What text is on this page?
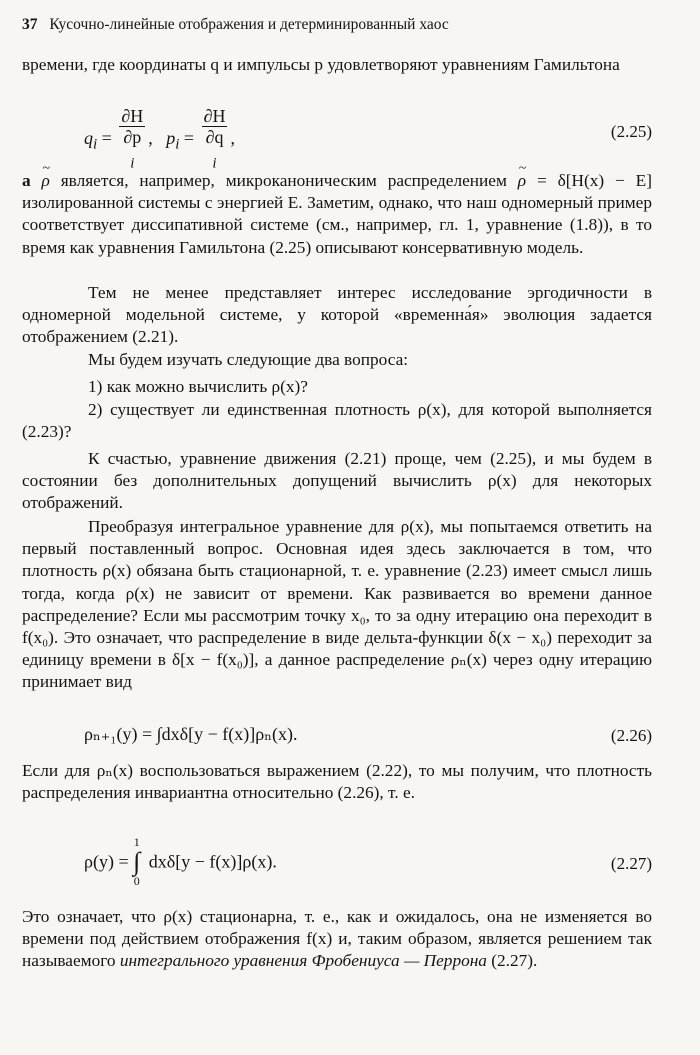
37 Кусочно-линейные отображения и детерминированный хаос

времени, где координаты q и импульсы p удовлетворяют уравнениям Гамильтона

$q_i = \partial H$
∂p
$_i$ ,   $p_i = \partial H$
∂q
$_i$ ,	(2.25)

а ~ ρ является, например, микроканоническим распределением ~ ρ = δ[H(x) − E] изолированной системы с энергией E. Заметим, однако, что наш одномерный пример соответствует диссипативной системе (см., например, гл. 1, уравнение (1.8)), в то время как уравнения Гамильтона (2.25) описывают консервативную модель.

Тем не менее представляет интерес исследование эргодичности в одномерной модельной системе, у которой «временна́я» эволюция задается отображением (2.21).

Мы будем изучать следующие два вопроса:

1) как можно вычислить ρ(x)?

2) существует ли единственная плотность ρ(x), для которой выполняется (2.23)?

К счастью, уравнение движения (2.21) проще, чем (2.25), и мы будем в состоянии без дополнительных допущений вычислить ρ(x) для некоторых отображений.

Преобразуя интегральное уравнение для ρ(x), мы попытаемся ответить на первый поставленный вопрос. Основная идея здесь заключается в том, что плотность ρ(x) обязана быть стационарной, т. е. уравнение (2.23) имеет смысл лишь тогда, когда ρ(x) не зависит от времени. Как развивается во времени данное распределение? Если мы рассмотрим точку x₀, то за одну итерацию она переходит в f(x₀). Это означает, что распределение в виде дельта-функции δ(x − x₀) переходит за единицу времени в δ[x − f(x₀)], а данное распределение ρₙ(x) через одну итерацию принимает вид

ρₙ₊₁(y) = ∫dxδ[y − f(x)]ρₙ(x).	(2.26)

Если для ρₙ(x) воспользоваться выражением (2.22), то мы получим, что плотность распределения инвариантна относительно (2.26), т. е.

ρ(y) =
1
∫
0
dxδ[y − f(x)]ρ(x).	(2.27)

Это означает, что ρ(x) стационарна, т. е., как и ожидалось, она не изменяется во времени под действием отображения f(x) и, таким образом, является решением так называемого интегрального уравнения Фробениуса — Перрона (2.27).
